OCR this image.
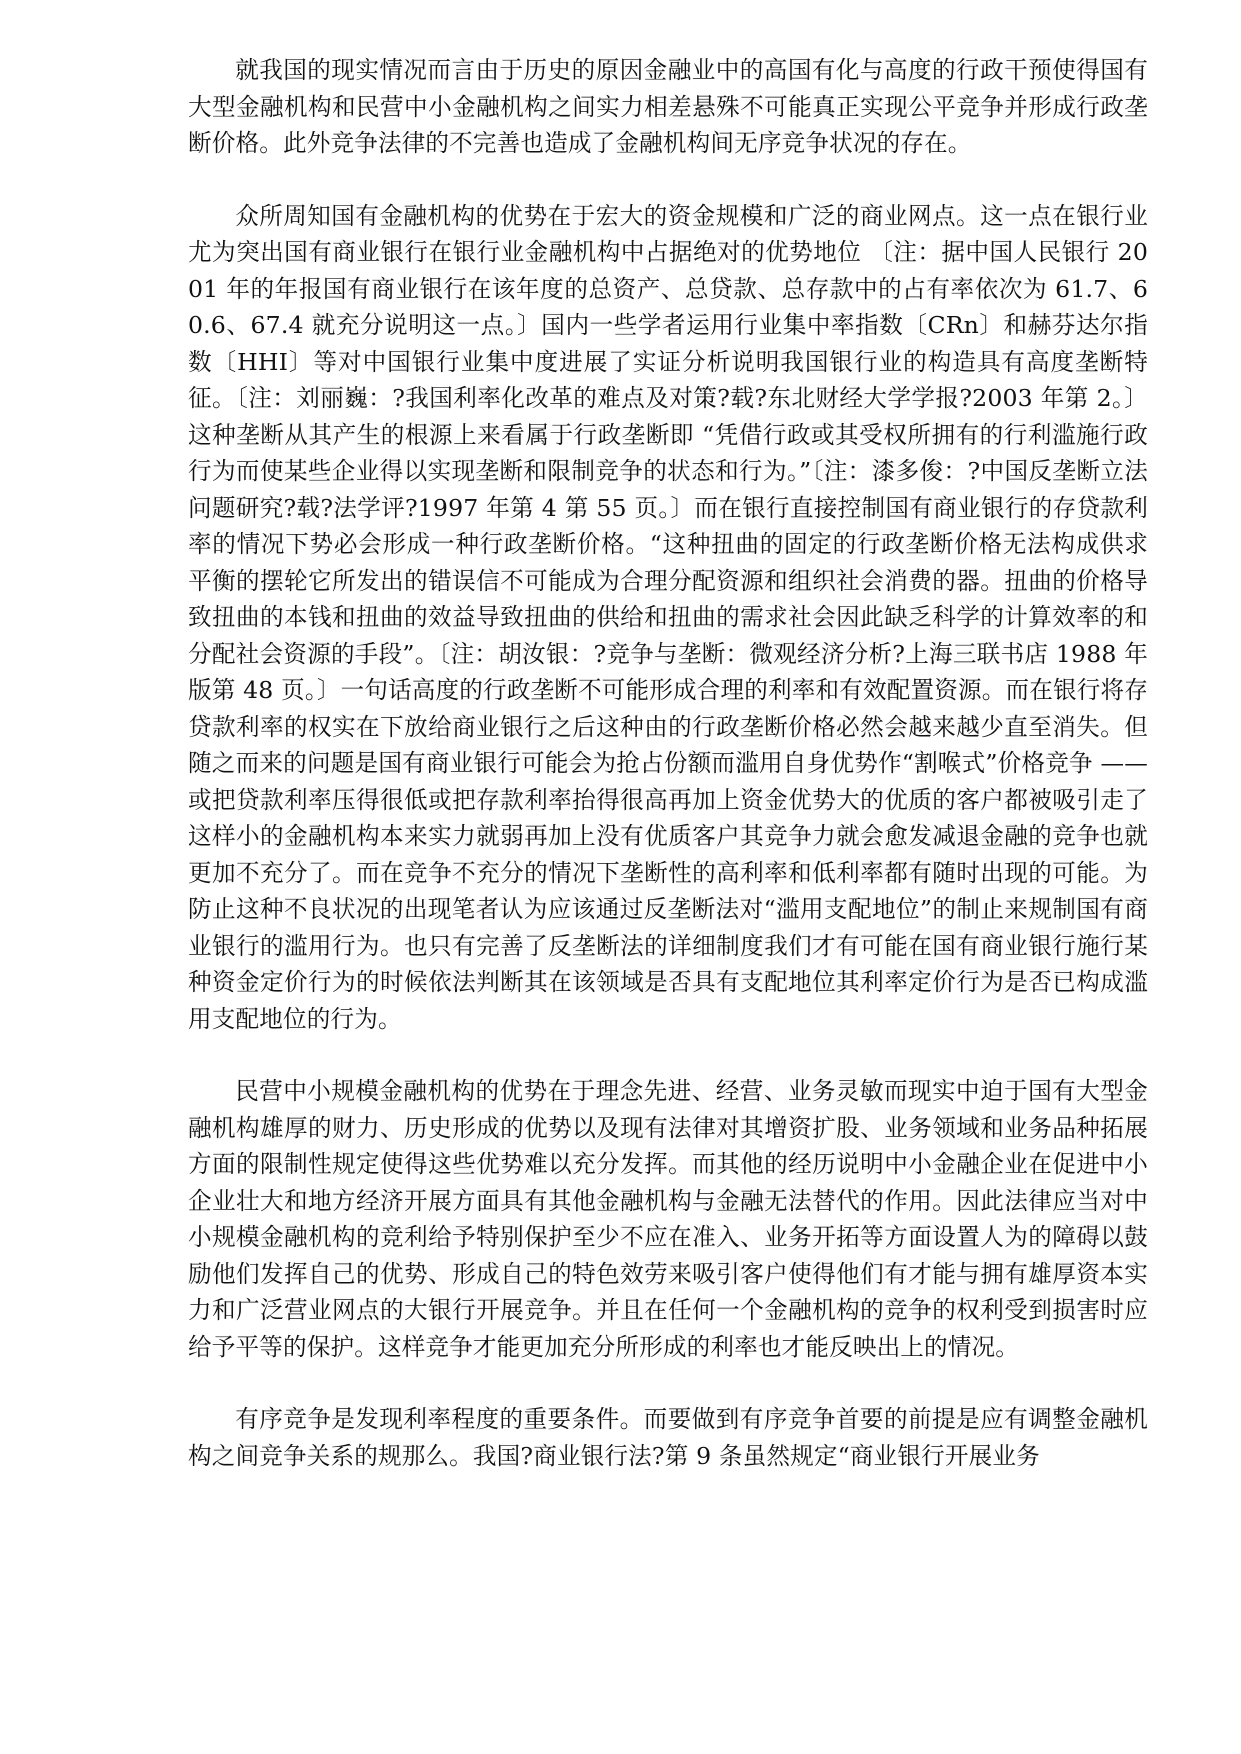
就我国的现实情况而言由于历史的原因金融业中的高国有化与高度的行政干预使得国有大型金融机构和民营中小金融机构之间实力相差悬殊不可能真正实现公平竞争并形成行政垄断价格。此外竞争法律的不完善也造成了金融机构间无序竞争状况的存在。

众所周知国有金融机构的优势在于宏大的资金规模和广泛的商业网点。这一点在银行业尤为突出国有商业银行在银行业金融机构中占据绝对的优势地位 〔注：据中国人民银行 2001 年的年报国有商业银行在该年度的总资产、总贷款、总存款中的占有率依次为 61.7、60.6、67.4 就充分说明这一点。〕国内一些学者运用行业集中率指数〔CRn〕和赫芬达尔指数〔HHI〕等对中国银行业集中度进展了实证分析说明我国银行业的构造具有高度垄断特征。〔注：刘丽巍：?我国利率化改革的难点及对策?载?东北财经大学学报?2003 年第 2。〕这种垄断从其产生的根源上来看属于行政垄断即 “凭借行政或其受权所拥有的行利滥施行政行为而使某些企业得以实现垄断和限制竞争的状态和行为。”〔注：漆多俊：?中国反垄断立法问题研究?载?法学评?1997 年第 4 第 55 页。〕而在银行直接控制国有商业银行的存贷款利率的情况下势必会形成一种行政垄断价格。“这种扭曲的固定的行政垄断价格无法构成供求平衡的摆轮它所发出的错误信不可能成为合理分配资源和组织社会消费的器。扭曲的价格导致扭曲的本钱和扭曲的效益导致扭曲的供给和扭曲的需求社会因此缺乏科学的计算效率的和分配社会资源的手段”。〔注：胡汝银：?竞争与垄断：微观经济分析?上海三联书店 1988 年版第 48 页。〕一句话高度的行政垄断不可能形成合理的利率和有效配置资源。而在银行将存贷款利率的权实在下放给商业银行之后这种由的行政垄断价格必然会越来越少直至消失。但随之而来的问题是国有商业银行可能会为抢占份额而滥用自身优势作“割喉式”价格竞争 ——或把贷款利率压得很低或把存款利率抬得很高再加上资金优势大的优质的客户都被吸引走了这样小的金融机构本来实力就弱再加上没有优质客户其竞争力就会愈发减退金融的竞争也就更加不充分了。而在竞争不充分的情况下垄断性的高利率和低利率都有随时出现的可能。为防止这种不良状况的出现笔者认为应该通过反垄断法对“滥用支配地位”的制止来规制国有商业银行的滥用行为。也只有完善了反垄断法的详细制度我们才有可能在国有商业银行施行某种资金定价行为的时候依法判断其在该领域是否具有支配地位其利率定价行为是否已构成滥用支配地位的行为。

民营中小规模金融机构的优势在于理念先进、经营、业务灵敏而现实中迫于国有大型金融机构雄厚的财力、历史形成的优势以及现有法律对其增资扩股、业务领域和业务品种拓展方面的限制性规定使得这些优势难以充分发挥。而其他的经历说明中小金融企业在促进中小企业壮大和地方经济开展方面具有其他金融机构与金融无法替代的作用。因此法律应当对中小规模金融机构的竞利给予特别保护至少不应在准入、业务开拓等方面设置人为的障碍以鼓励他们发挥自己的优势、形成自己的特色效劳来吸引客户使得他们有才能与拥有雄厚资本实力和广泛营业网点的大银行开展竞争。并且在任何一个金融机构的竞争的权利受到损害时应给予平等的保护。这样竞争才能更加充分所形成的利率也才能反映出上的情况。

有序竞争是发现利率程度的重要条件。而要做到有序竞争首要的前提是应有调整金融机构之间竞争关系的规那么。我国?商业银行法?第 9 条虽然规定“商业银行开展业务
